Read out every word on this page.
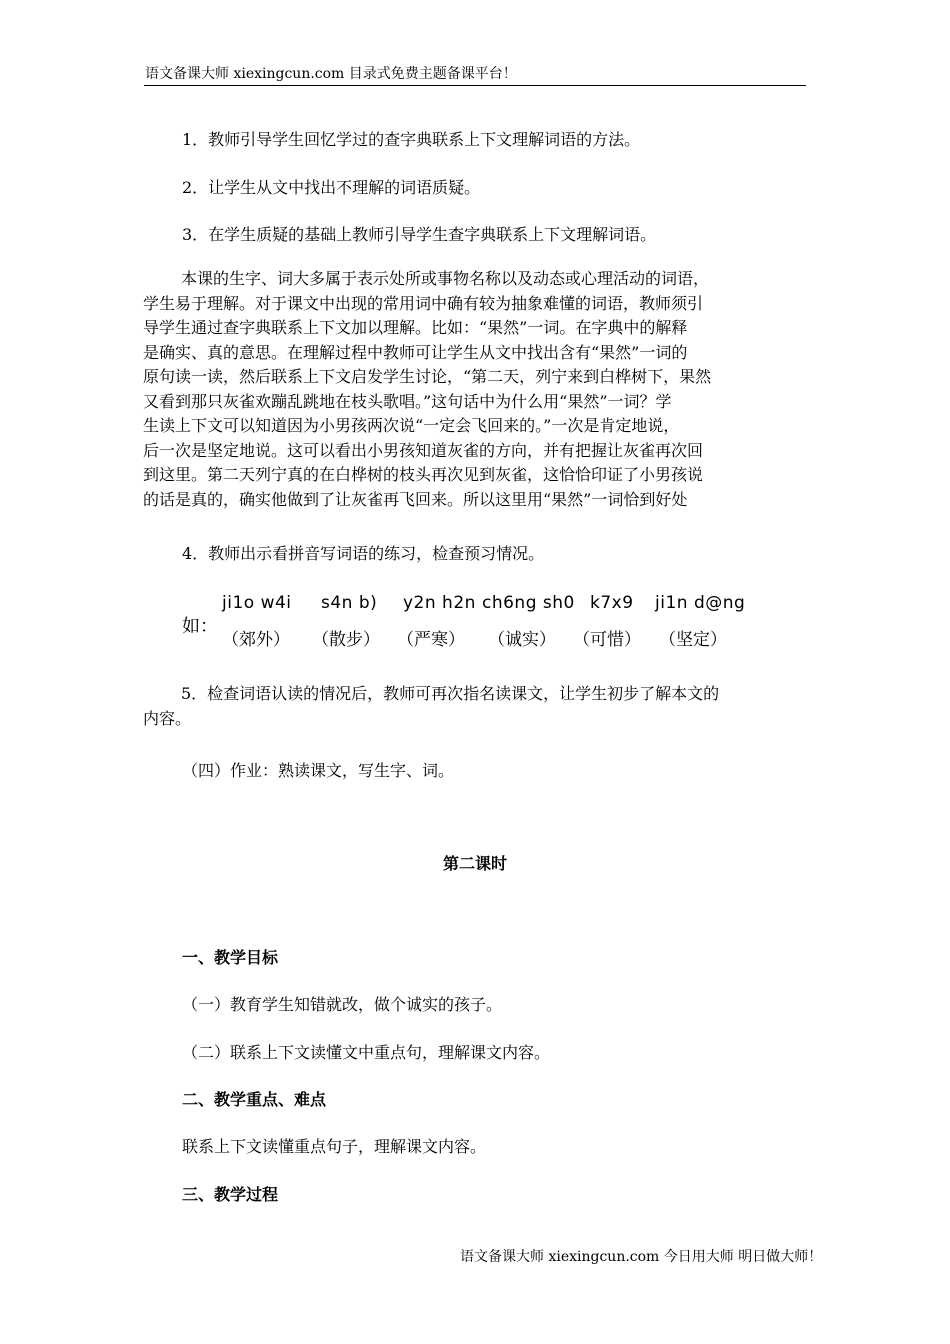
语文备课大师 xiexingcun.com 目录式免费主题备课平台！
1．教师引导学生回忆学过的查字典联系上下文理解词语的方法。
2．让学生从文中找出不理解的词语质疑。
3．在学生质疑的基础上教师引导学生查字典联系上下文理解词语。
本课的生字、词大多属于表示处所或事物名称以及动态或心理活动的词语，
学生易于理解。对于课文中出现的常用词中确有较为抽象难懂的词语，教师须引
导学生通过查字典联系上下文加以理解。比如：“果然”一词。在字典中的解释
是确实、真的意思。在理解过程中教师可让学生从文中找出含有“果然”一词的
原句读一读，然后联系上下文启发学生讨论，“第二天，列宁来到白桦树下，果然
又看到那只灰雀欢蹦乱跳地在枝头歌唱。”这句话中为什么用“果然”一词？学
生读上下文可以知道因为小男孩两次说“一定会飞回来的。”一次是肯定地说，
后一次是坚定地说。这可以看出小男孩知道灰雀的方向，并有把握让灰雀再次回
到这里。第二天列宁真的在白桦树的枝头再次见到灰雀，这恰恰印证了小男孩说
的话是真的，确实他做到了让灰雀再飞回来。所以这里用“果然”一词恰到好处
4．教师出示看拼音写词语的练习，检查预习情况。
如：
ji1o w4i s4n b) y2n h2n ch6ng sh0 k7x9 ji1n d@ng
（郊外） （散步） （严寒） （诚实） （可惜） （坚定）
5．检查词语认读的情况后，教师可再次指名读课文，让学生初步了解本文的
内容。
（四）作业：熟读课文，写生字、词。
第二课时
一、教学目标
（一）教育学生知错就改，做个诚实的孩子。
（二）联系上下文读懂文中重点句，理解课文内容。
二、教学重点、难点
联系上下文读懂重点句子，理解课文内容。
三、教学过程
语文备课大师 xiexingcun.com 今日用大师 明日做大师！
